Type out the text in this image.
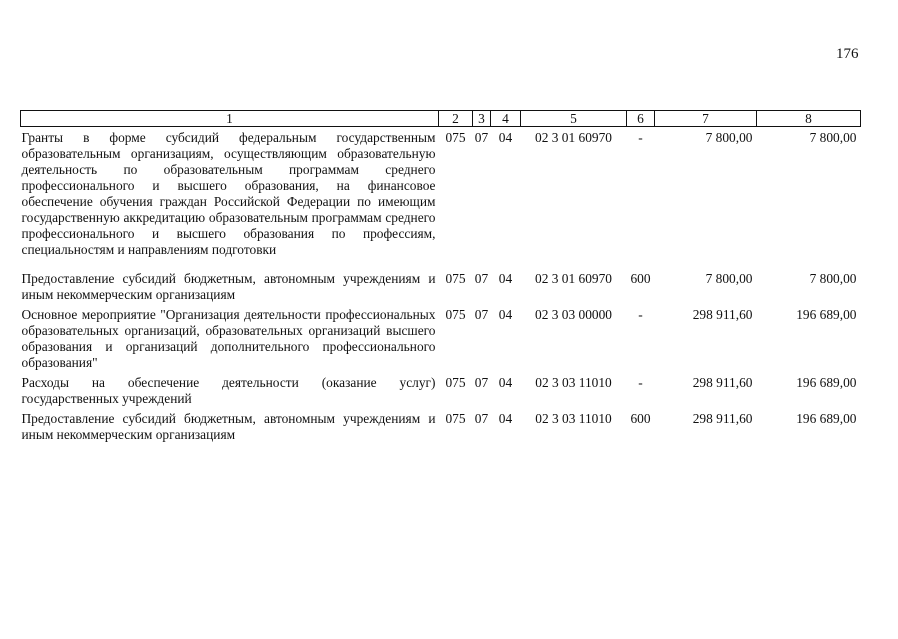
176
1	2	3	4	5	6	7	8
Гранты в форме субсидий федеральным государственным образовательным организациям, осуществляющим образовательную деятельность по образовательным программам среднего профессионального и высшего образования, на финансовое обеспечение обучения граждан Российской Федерации по имеющим государственную аккредитацию образовательным программам среднего профессионального и высшего образования по профессиям, специальностям и направлениям подготовки	075	07	04	02 3 01 60970	-	7 800,00	7 800,00
Предоставление субсидий бюджетным, автономным учреждениям и иным некоммерческим организациям	075	07	04	02 3 01 60970	600	7 800,00	7 800,00
Основное мероприятие "Организация деятельности профессиональных образовательных организаций, образовательных организаций высшего образования и организаций дополнительного профессионального образования"	075	07	04	02 3 03 00000	-	298 911,60	196 689,00
Расходы на обеспечение деятельности (оказание услуг) государственных учреждений	075	07	04	02 3 03 11010	-	298 911,60	196 689,00
Предоставление субсидий бюджетным, автономным учреждениям и иным некоммерческим организациям	075	07	04	02 3 03 11010	600	298 911,60	196 689,00
